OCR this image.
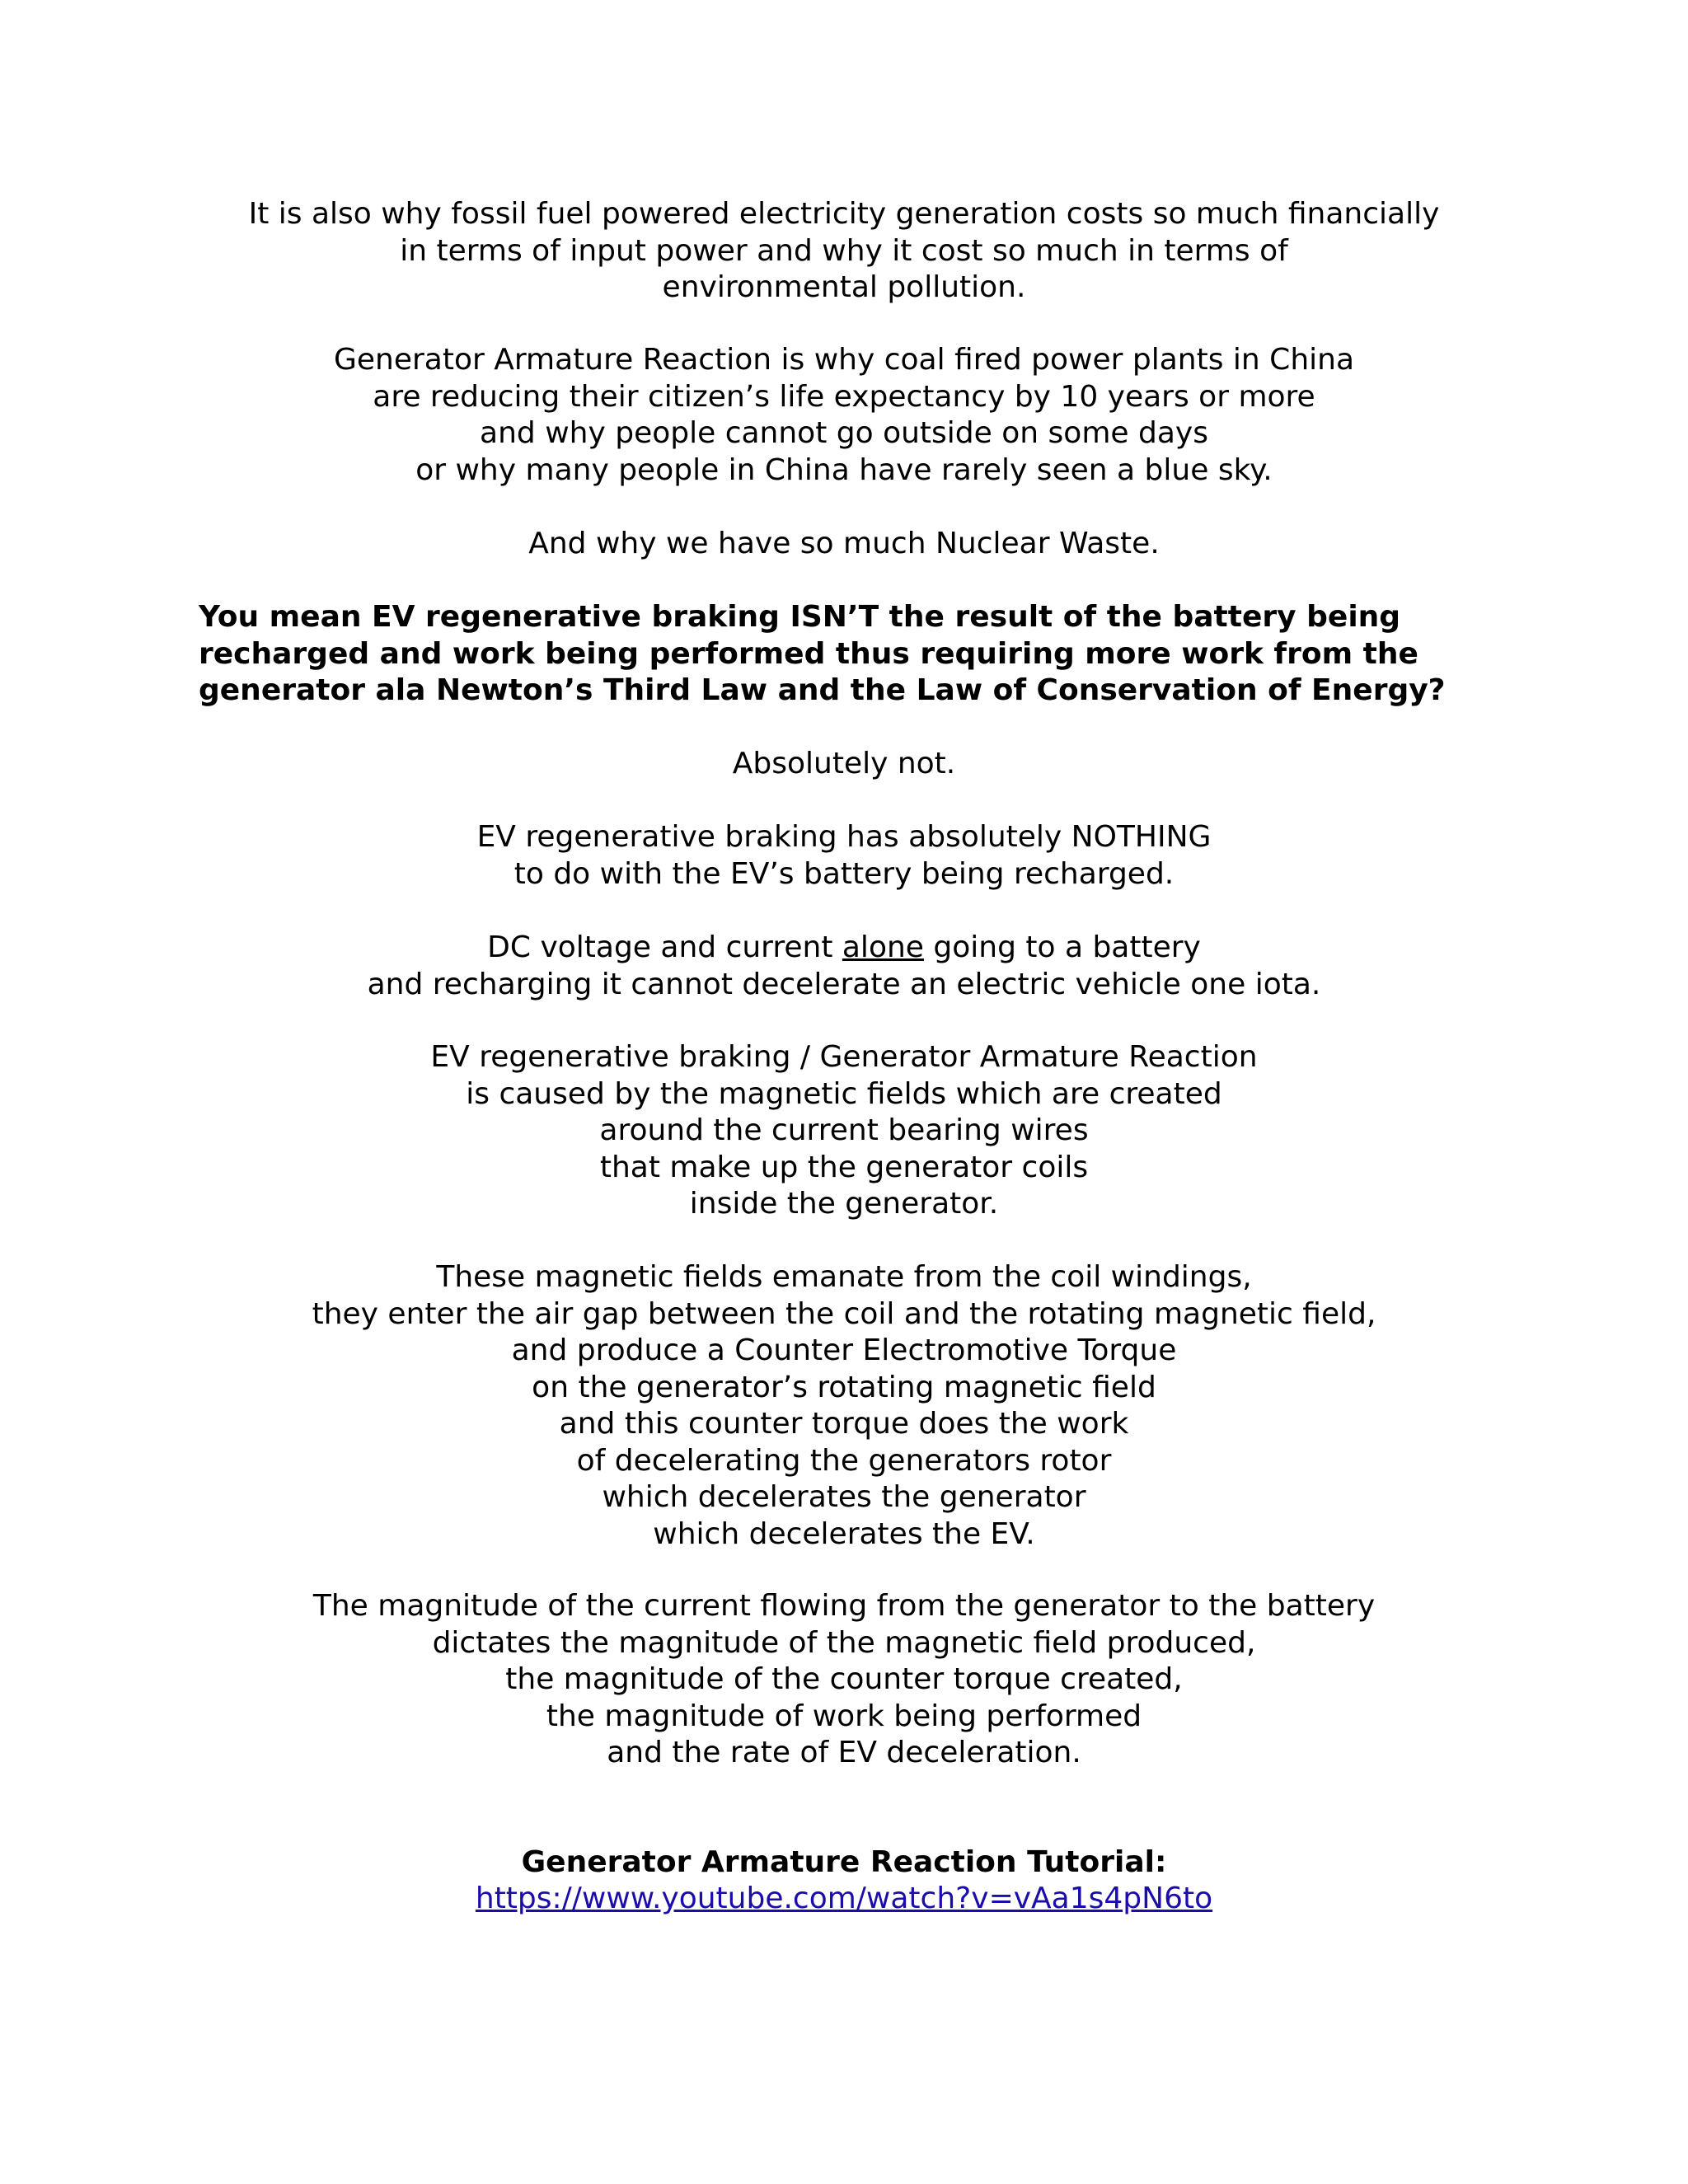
It is also why fossil fuel powered electricity generation costs so much financially
in terms of input power and why it cost so much in terms of
environmental pollution.
Generator Armature Reaction is why coal fired power plants in China
are reducing their citizen’s life expectancy by 10 years or more
and why people cannot go outside on some days
or why many people in China have rarely seen a blue sky.
And why we have so much Nuclear Waste.
You mean EV regenerative braking ISN’T the result of the battery being
recharged and work being performed thus requiring more work from the
generator ala Newton’s Third Law and the Law of Conservation of Energy?
Absolutely not.
EV regenerative braking has absolutely NOTHING
to do with the EV’s battery being recharged.
DC voltage and current alone going to a battery
and recharging it cannot decelerate an electric vehicle one iota.
EV regenerative braking / Generator Armature Reaction
is caused by the magnetic fields which are created
around the current bearing wires
that make up the generator coils
inside the generator.
These magnetic fields emanate from the coil windings,
they enter the air gap between the coil and the rotating magnetic field,
and produce a Counter Electromotive Torque
on the generator’s rotating magnetic field
and this counter torque does the work
of decelerating the generators rotor
which decelerates the generator
which decelerates the EV.
The magnitude of the current flowing from the generator to the battery
dictates the magnitude of the magnetic field produced,
the magnitude of the counter torque created,
the magnitude of work being performed
and the rate of EV deceleration.
Generator Armature Reaction Tutorial:
https://www.youtube.com/watch?v=vAa1s4pN6to
